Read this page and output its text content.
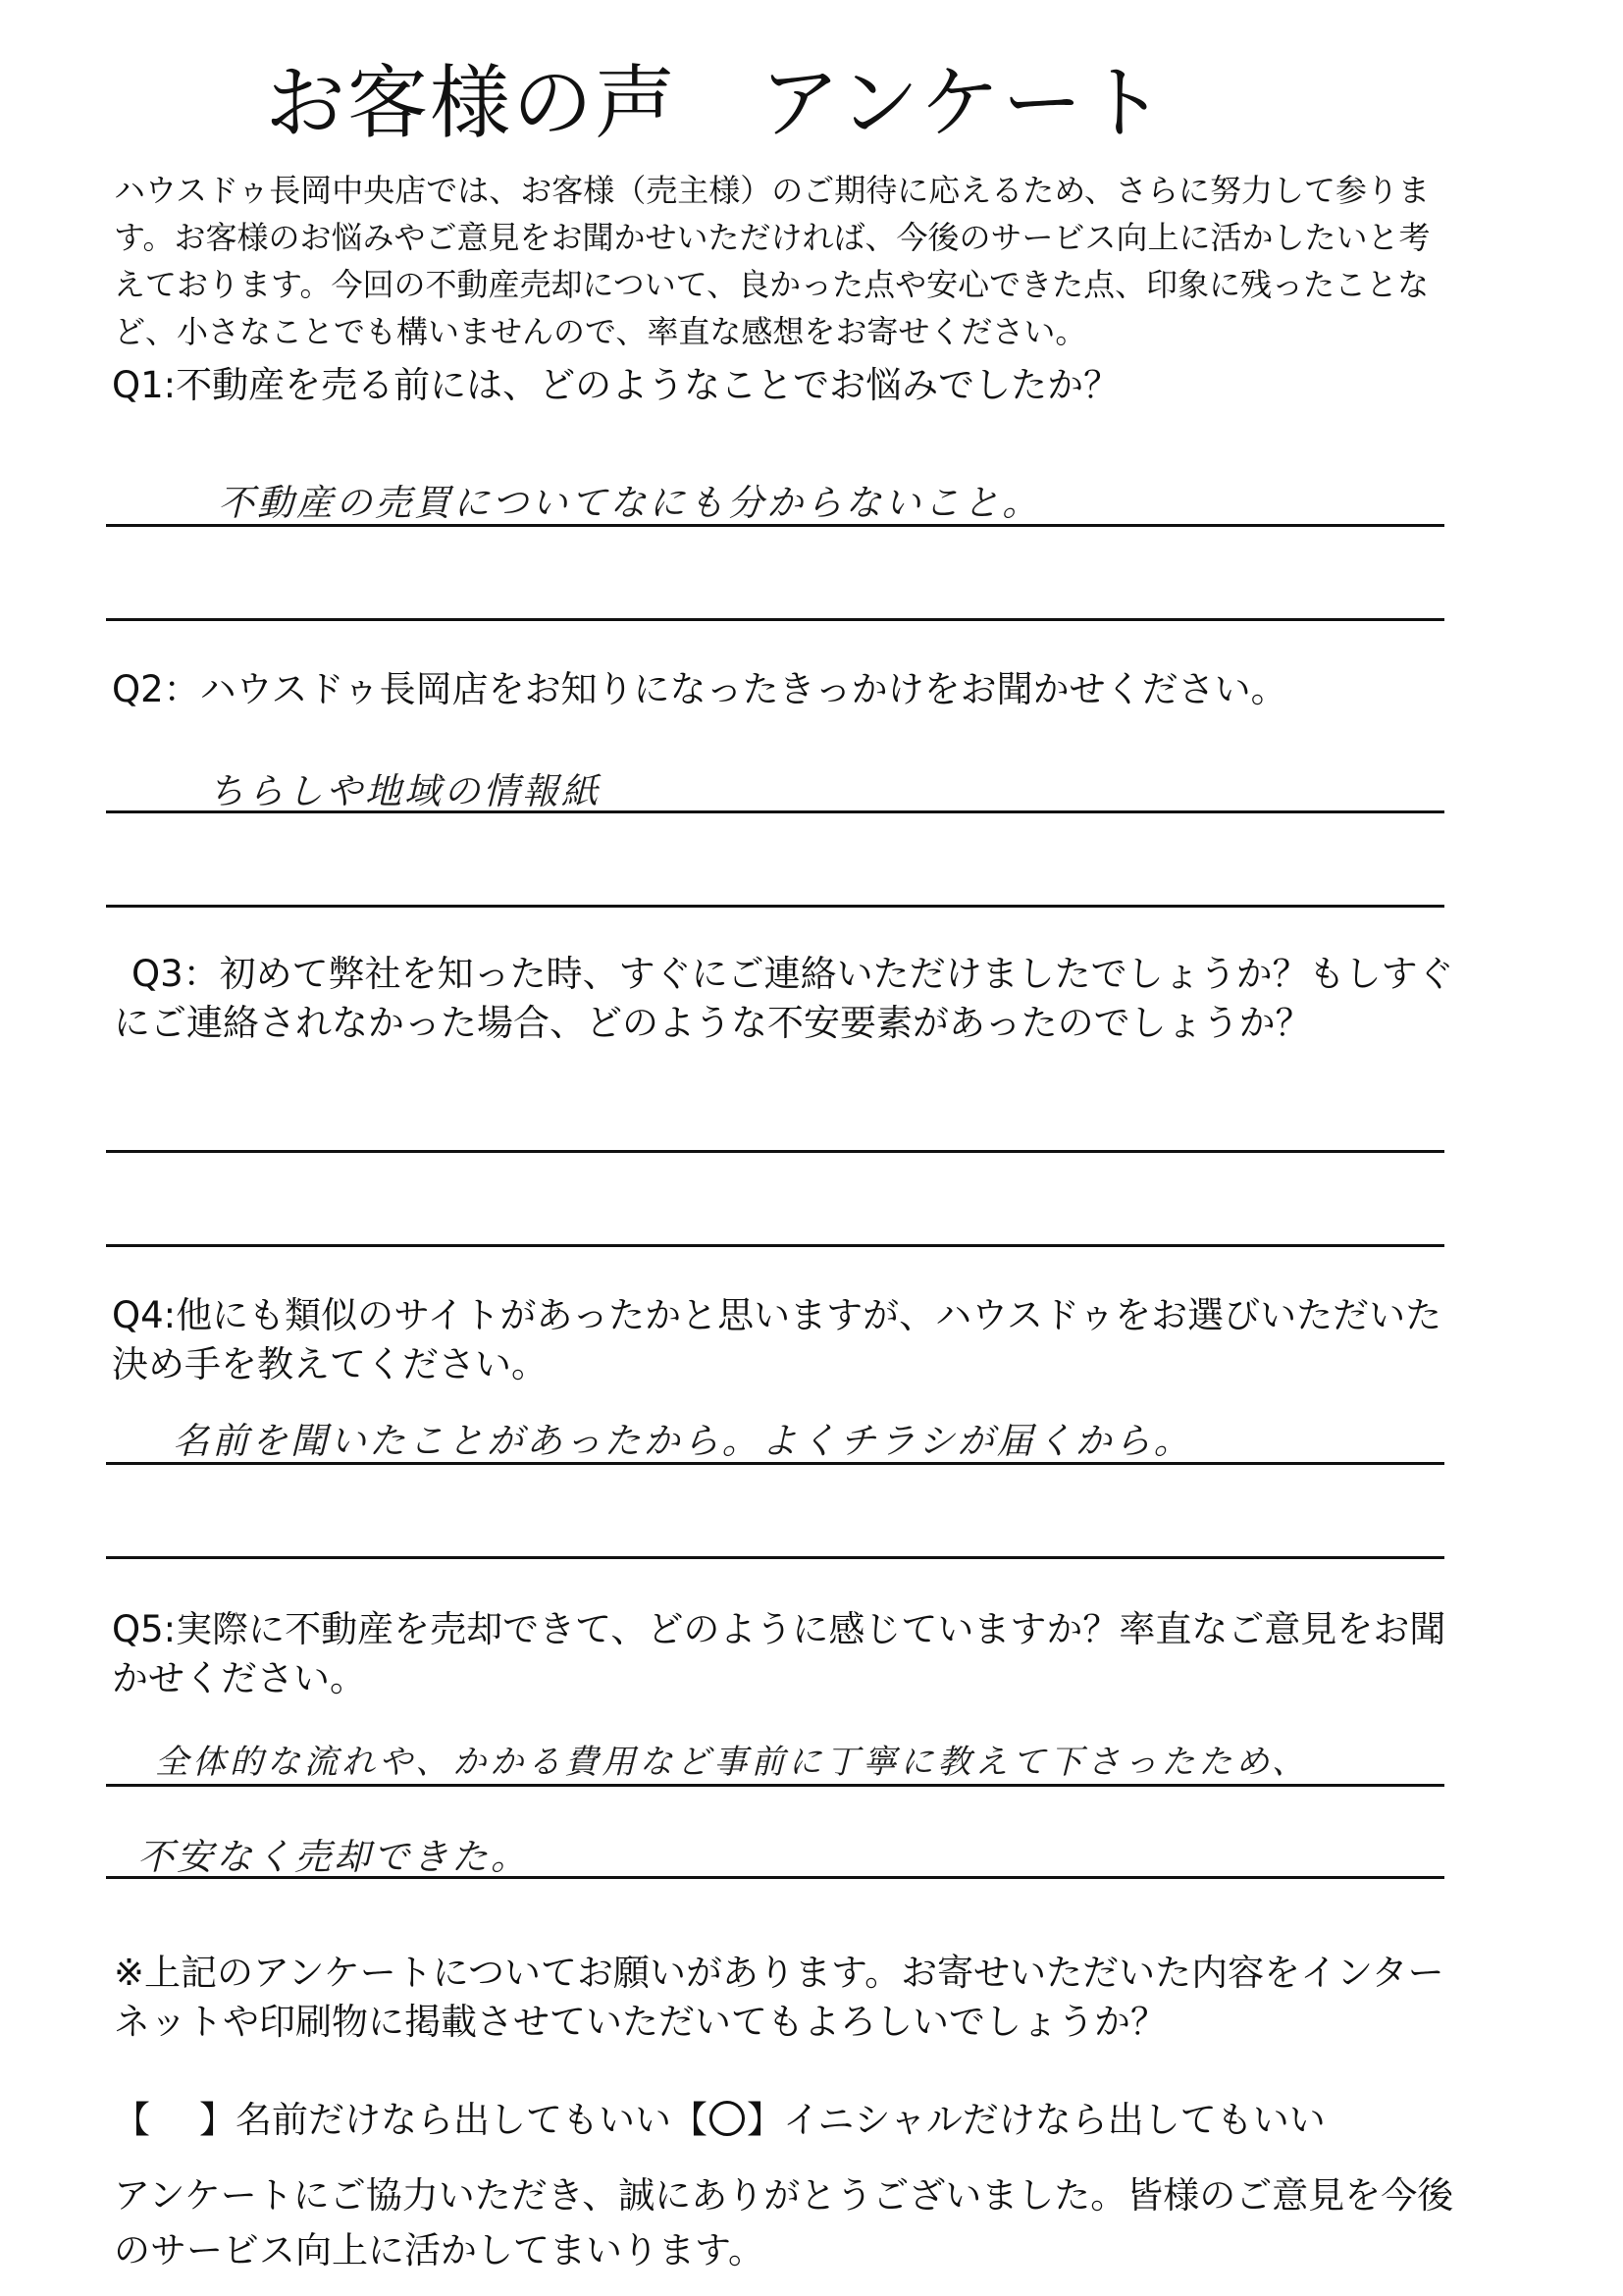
お客様の声　アンケート
ハウスドゥ長岡中央店では、お客様（売主様）のご期待に応えるため、さらに努力して参ります。お客様のお悩みやご意見をお聞かせいただければ、今後のサービス向上に活かしたいと考えております。今回の不動産売却について、良かった点や安心できた点、印象に残ったことなど、小さなことでも構いませんので、率直な感想をお寄せください。
Q1:不動産を売る前には、どのようなことでお悩みでしたか？
不動産の売買についてなにも分からないこと。
Q2：ハウスドゥ長岡店をお知りになったきっかけをお聞かせください。
ちらしや地域の情報紙
Q3：初めて弊社を知った時、すぐにご連絡いただけましたでしょうか？もしすぐにご連絡されなかった場合、どのような不安要素があったのでしょうか？
Q4:他にも類似のサイトがあったかと思いますが、ハウスドゥをお選びいただいた決め手を教えてください。
名前を聞いたことがあったから。よくチラシが届くから。
Q5:実際に不動産を売却できて、どのように感じていますか？率直なご意見をお聞かせください。
全体的な流れや、かかる費用など事前に丁寧に教えて下さったため、
不安なく売却できた。
※上記のアンケートについてお願いがあります。お寄せいただいた内容をインターネットや印刷物に掲載させていただいてもよろしいでしょうか？
【 】名前だけなら出してもいい【 】イニシャルだけなら出してもいい
アンケートにご協力いただき、誠にありがとうございました。皆様のご意見を今後のサービス向上に活かしてまいります。
